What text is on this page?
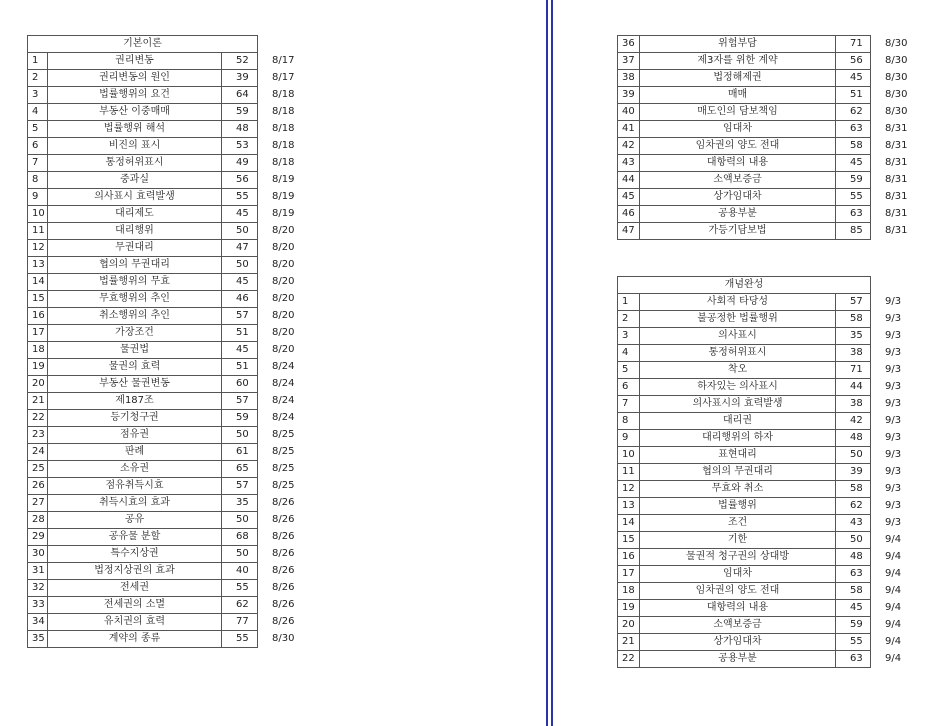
기본이론			
1	권리변동	52	8/17
2	권리변동의 원인	39	8/17
3	법률행위의 요건	64	8/18
4	부동산 이중매매	59	8/18
5	법률행위 해석	48	8/18
6	비진의 표시	53	8/18
7	통정허위표시	49	8/18
8	중과실	56	8/19
9	의사표시 효력발생	55	8/19
10	대리제도	45	8/19
11	대리행위	50	8/20
12	무권대리	47	8/20
13	협의의 무권대리	50	8/20
14	법률행위의 무효	45	8/20
15	무효행위의 추인	46	8/20
16	취소행위의 추인	57	8/20
17	가장조건	51	8/20
18	물권법	45	8/20
19	물권의 효력	51	8/24
20	부동산 물권변동	60	8/24
21	제187조	57	8/24
22	등기청구권	59	8/24
23	점유권	50	8/25
24	판례	61	8/25
25	소유권	65	8/25
26	점유취득시효	57	8/25
27	취득시효의 효과	35	8/26
28	공유	50	8/26
29	공유물 분할	68	8/26
30	특수지상권	50	8/26
31	법정지상권의 효과	40	8/26
32	전세권	55	8/26
33	전세권의 소멸	62	8/26
34	유치권의 효력	77	8/26
35	계약의 종류	55	8/30
36	위험부담	71	8/30
37	제3자를 위한 계약	56	8/30
38	법정해제권	45	8/30
39	매매	51	8/30
40	매도인의 담보책임	62	8/30
41	임대차	63	8/31
42	임차권의 양도 전대	58	8/31
43	대항력의 내용	45	8/31
44	소액보증금	59	8/31
45	상가임대차	55	8/31
46	공용부분	63	8/31
47	가등기담보법	85	8/31
개념완성			
1	사회적 타당성	57	9/3
2	불공정한 법률행위	58	9/3
3	의사표시	35	9/3
4	통정허위표시	38	9/3
5	착오	71	9/3
6	하자있는 의사표시	44	9/3
7	의사표시의 효력발생	38	9/3
8	대리권	42	9/3
9	대리행위의 하자	48	9/3
10	표현대리	50	9/3
11	협의의 무권대리	39	9/3
12	무효와 취소	58	9/3
13	법률행위	62	9/3
14	조건	43	9/3
15	기한	50	9/4
16	물권적 청구권의 상대방	48	9/4
17	임대차	63	9/4
18	임차권의 양도 전대	58	9/4
19	대항력의 내용	45	9/4
20	소액보증금	59	9/4
21	상가임대차	55	9/4
22	공용부분	63	9/4
